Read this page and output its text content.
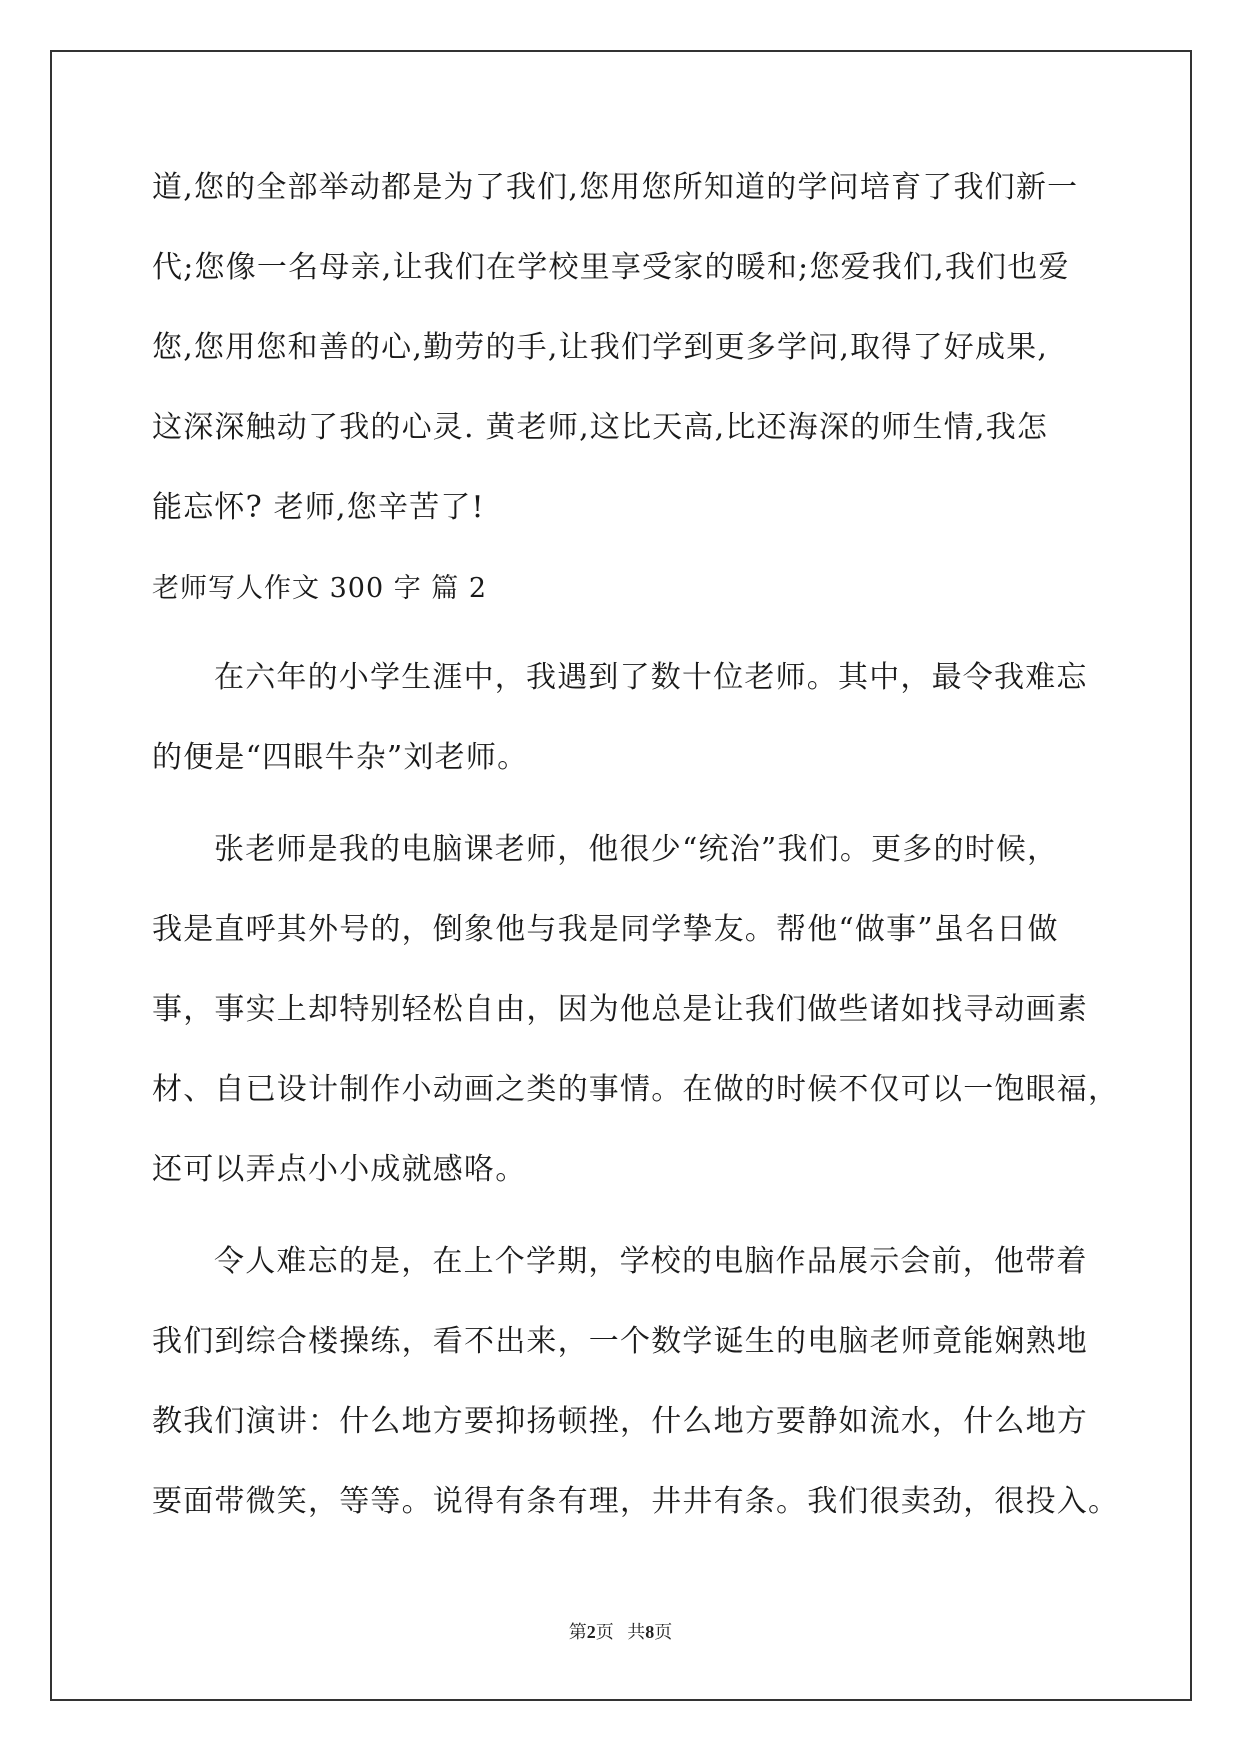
道,您的全部举动都是为了我们,您用您所知道的学问培育了我们新一
代;您像一名母亲,让我们在学校里享受家的暖和;您爱我们,我们也爱
您,您用您和善的心,勤劳的手,让我们学到更多学问,取得了好成果,
这深深触动了我的心灵. 黄老师,这比天高,比还海深的师生情,我怎
能忘怀? 老师,您辛苦了!
老师写人作文 300 字 篇 2
在六年的小学生涯中，我遇到了数十位老师。其中，最令我难忘
的便是“四眼牛杂”刘老师。
张老师是我的电脑课老师，他很少“统治”我们。更多的时候，
我是直呼其外号的，倒象他与我是同学挚友。帮他“做事”虽名日做
事，事实上却特别轻松自由，因为他总是让我们做些诸如找寻动画素
材、自已设计制作小动画之类的事情。在做的时候不仅可以一饱眼福，
还可以弄点小小成就感咯。
令人难忘的是，在上个学期，学校的电脑作品展示会前，他带着
我们到综合楼操练，看不出来，一个数学诞生的电脑老师竟能娴熟地
教我们演讲：什么地方要抑扬顿挫，什么地方要静如流水，什么地方
要面带微笑，等等。说得有条有理，井井有条。我们很卖劲，很投入。
第2页 共8页
